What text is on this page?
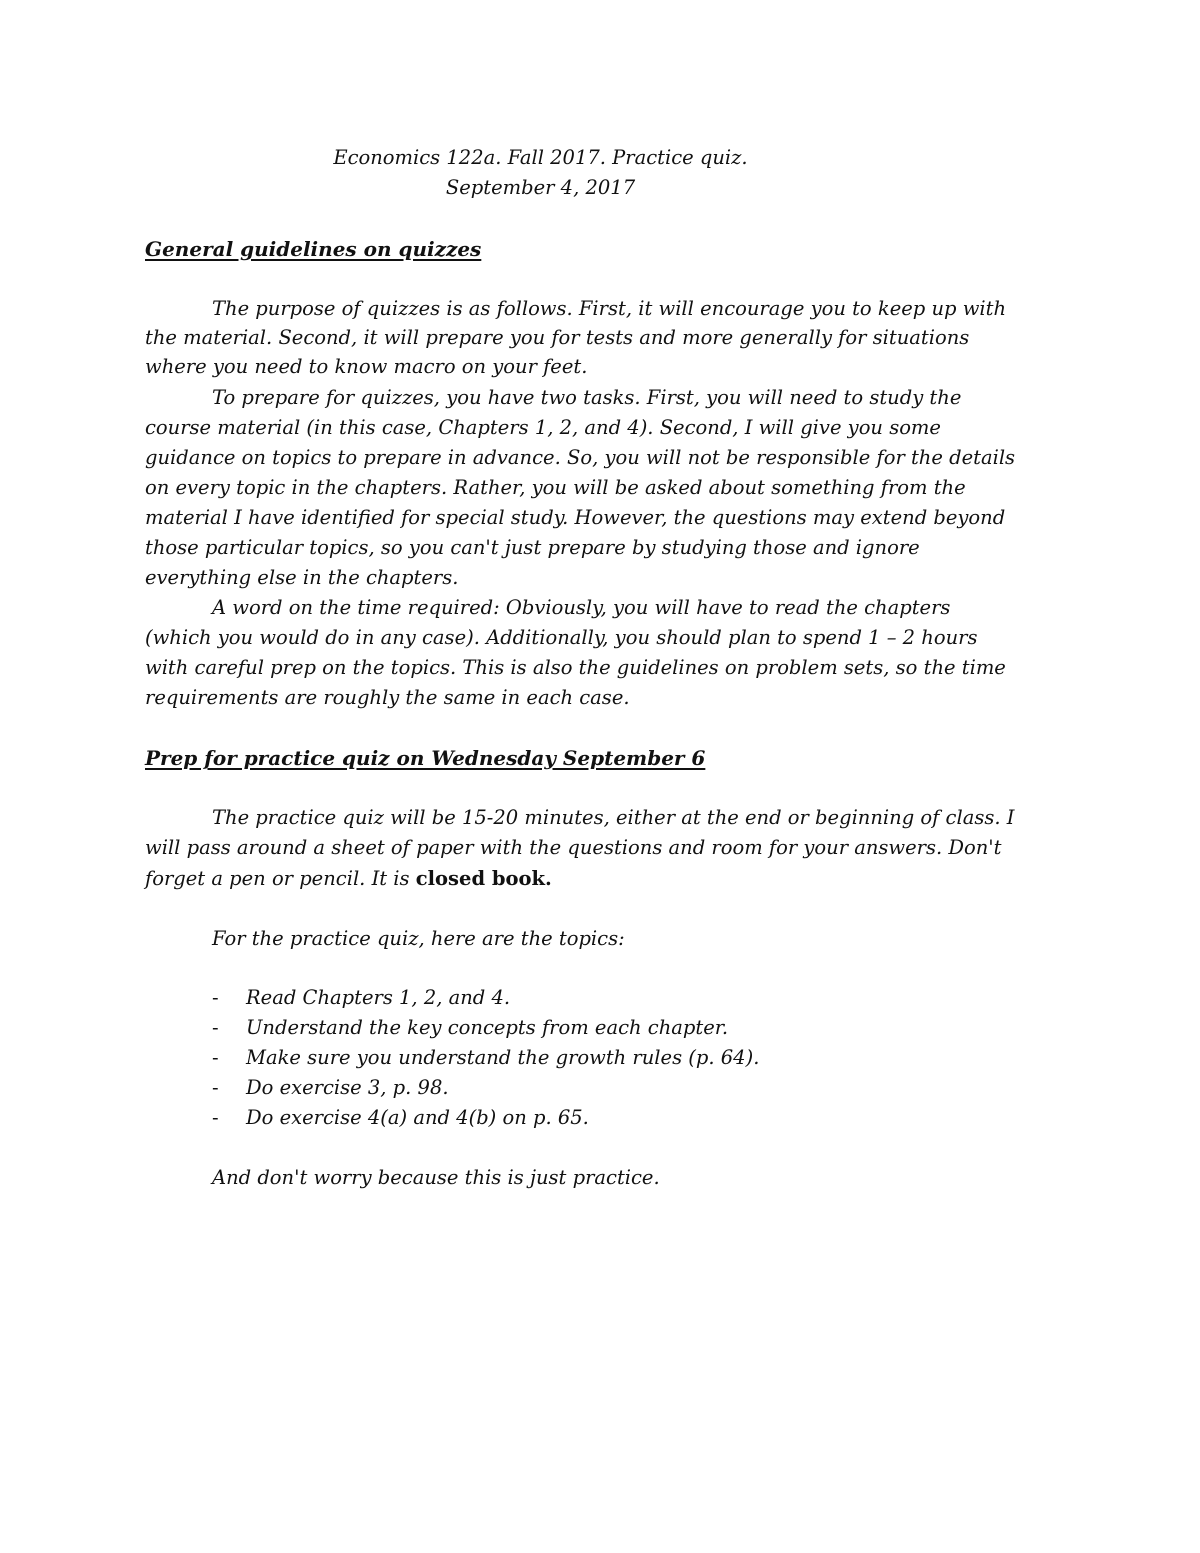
Economics 122a. Fall 2017. Practice quiz.
September 4, 2017
General guidelines on quizzes
The purpose of quizzes is as follows. First, it will encourage you to keep up with
the material. Second, it will prepare you for tests and more generally for situations
where you need to know macro on your feet.
To prepare for quizzes, you have two tasks. First, you will need to study the
course material (in this case, Chapters 1, 2, and 4). Second, I will give you some
guidance on topics to prepare in advance. So, you will not be responsible for the details
on every topic in the chapters. Rather, you will be asked about something from the
material I have identified for special study. However, the questions may extend beyond
those particular topics, so you can't just prepare by studying those and ignore
everything else in the chapters.
A word on the time required: Obviously, you will have to read the chapters
(which you would do in any case). Additionally, you should plan to spend 1 – 2 hours
with careful prep on the topics. This is also the guidelines on problem sets, so the time
requirements are roughly the same in each case.
Prep for practice quiz on Wednesday September 6
The practice quiz will be 15-20 minutes, either at the end or beginning of class. I
will pass around a sheet of paper with the questions and room for your answers. Don't
forget a pen or pencil. It is closed book.
For the practice quiz, here are the topics:
- Read Chapters 1, 2, and 4.
- Understand the key concepts from each chapter.
- Make sure you understand the growth rules (p. 64).
- Do exercise 3, p. 98.
- Do exercise 4(a) and 4(b) on p. 65.
And don't worry because this is just practice.
